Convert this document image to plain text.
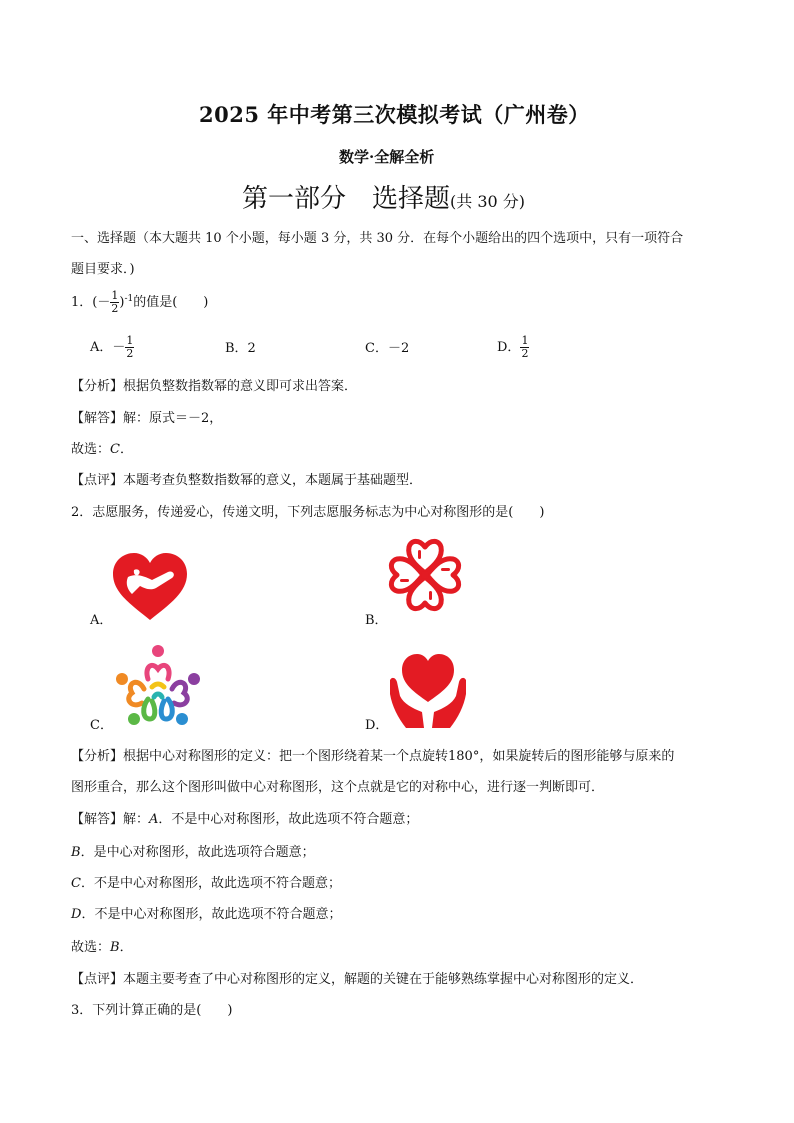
2025 年中考第三次模拟考试（广州卷）
数学·全解全析
第一部分　选择题(共 30 分)
一、选择题（本大题共 10 个小题，每小题 3 分，共 30 分．在每个小题给出的四个选项中，只有一项符合
题目要求．)
1．(－ $\frac{1}{2} )^{-1}$的值是(　　)
A．－ $\frac{1}{2}$	B．2	C．－2	D． $\frac{1}{2}$
【分析】根据负整数指数幂的意义即可求出答案．
【解答】解：原式＝－2，
故选：C．
【点评】本题考查负整数指数幂的意义，本题属于基础题型．
2．志愿服务，传递爱心，传递文明，下列志愿服务标志为中心对称图形的是(　　)
A．	B．
C．	D．
【分析】根据中心对称图形的定义：把一个图形绕着某一个点旋转180°，如果旋转后的图形能够与原来的
图形重合，那么这个图形叫做中心对称图形，这个点就是它的对称中心，进行逐一判断即可．
【解答】解：A．不是中心对称图形，故此选项不符合题意；
B．是中心对称图形，故此选项符合题意；
C．不是中心对称图形，故此选项不符合题意；
D．不是中心对称图形，故此选项不符合题意；
故选：B．
【点评】本题主要考查了中心对称图形的定义，解题的关键在于能够熟练掌握中心对称图形的定义．
3．下列计算正确的是(　　)
